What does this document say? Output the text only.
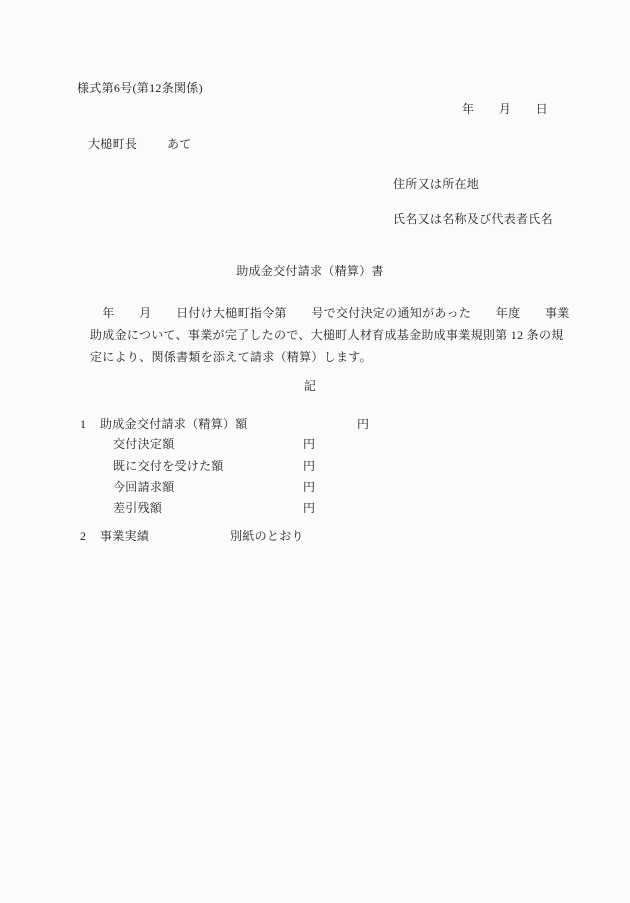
様式第6号(第12条関係)
年　　月　　日
大槌町長 あて
住所又は所在地
氏名又は名称及び代表者氏名
助成金交付請求（精算）書
　年　　月　　日付け大槌町指令第　　号で交付決定の通知があった　　年度　　事業
助成金について、事業が完了したので、大槌町人材育成基金助成事業規則第 12 条の規
定により、関係書類を添えて請求（精算）します。
記
1 助成金交付請求（精算）額	円
交付決定額	円
既に交付を受けた額	円
今回請求額	円
差引残額	円
2 事業実績	別紙のとおり
